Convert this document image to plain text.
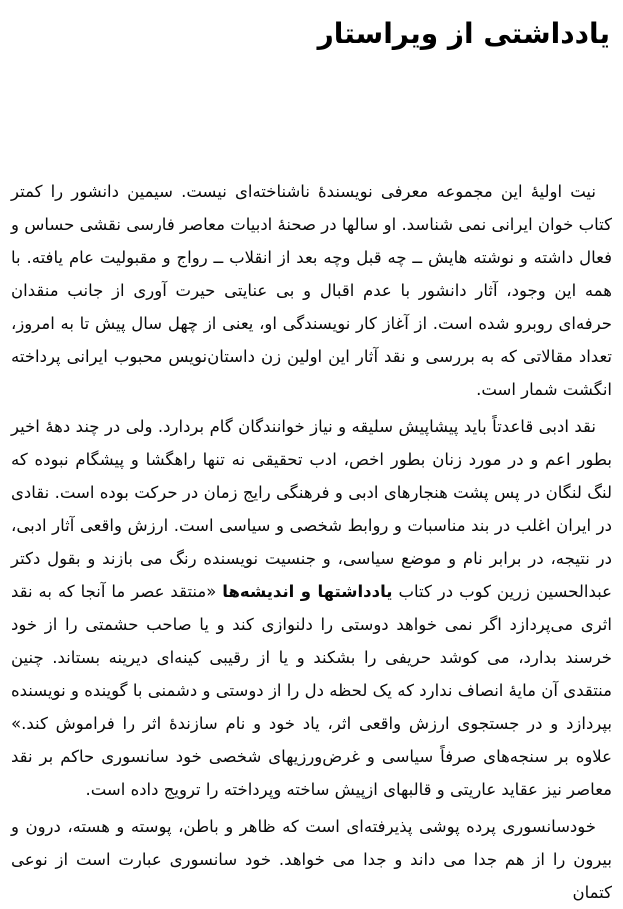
یادداشتی از ویراستار

نیت اولیهٔ این مجموعه معرفی نویسندهٔ ناشناخته‌ای نیست. سیمین دانشور را کمتر کتاب خوان ایرانی نمی شناسد. او سالها در صحنهٔ ادبیات معاصر فارسی نقشی حساس و فعال داشته و نوشته هایش ــ چه قبل وچه بعد از انقلاب ــ رواج و مقبولیت عام یافته. با همه این وجود، آثار دانشور با عدم اقبال و بی عنایتی حیرت آوری از جانب منقدان حرفه‌ای روبرو شده است. از آغاز کار نویسندگی او، یعنی از چهل سال پیش تا به امروز، تعداد مقالاتی که به بررسی و نقد آثار این اولین زن داستان‌نویس محبوب ایرانی پرداخته انگشت شمار است.

نقد ادبی قاعدتاً باید پیشاپیش سلیقه و نیاز خوانندگان گام بردارد. ولی در چند دههٔ اخیر بطور اعم و در مورد زنان بطور اخص، ادب تحقیقی نه تنها راهگشا و پیشگام نبوده که لنگ لنگان در پس پشت هنجارهای ادبی و فرهنگی رایج زمان در حرکت بوده است. نقادی در ایران اغلب در بند مناسبات و روابط شخصی و سیاسی است. ارزش واقعی آثار ادبی، در نتیجه، در برابر نام و موضع سیاسی، و جنسیت نویسنده رنگ می بازند و بقول دکتر عبدالحسین زرین کوب در کتاب یادداشتها و اندیشه‌ها «منتقد عصر ما آنجا که به نقد اثری می‌پردازد اگر نمی خواهد دوستی را دلنوازی کند و یا صاحب حشمتی را از خود خرسند بدارد، می کوشد حریفی را بشکند و یا از رقیبی کینه‌ای دیرینه بستاند. چنین منتقدی آن مایهٔ انصاف ندارد که یک لحظه دل را از دوستی و دشمنی با گوینده و نویسنده بپردازد و در جستجوی ارزش واقعی اثر، یاد خود و نام سازندهٔ اثر را فراموش کند.» علاوه بر سنجه‌های صرفاً سیاسی و غرض‌ورزیهای شخصی خود سانسوری حاکم بر نقد معاصر نیز عقاید عاریتی و قالبهای ازپیش ساخته وپرداخته را ترویج داده است.

خودسانسوری پرده پوشی پذیرفته‌ای است که ظاهر و باطن، پوسته و هسته، درون و بیرون را از هم جدا می داند و جدا می خواهد. خود سانسوری عبارت است از نوعی کتمان
